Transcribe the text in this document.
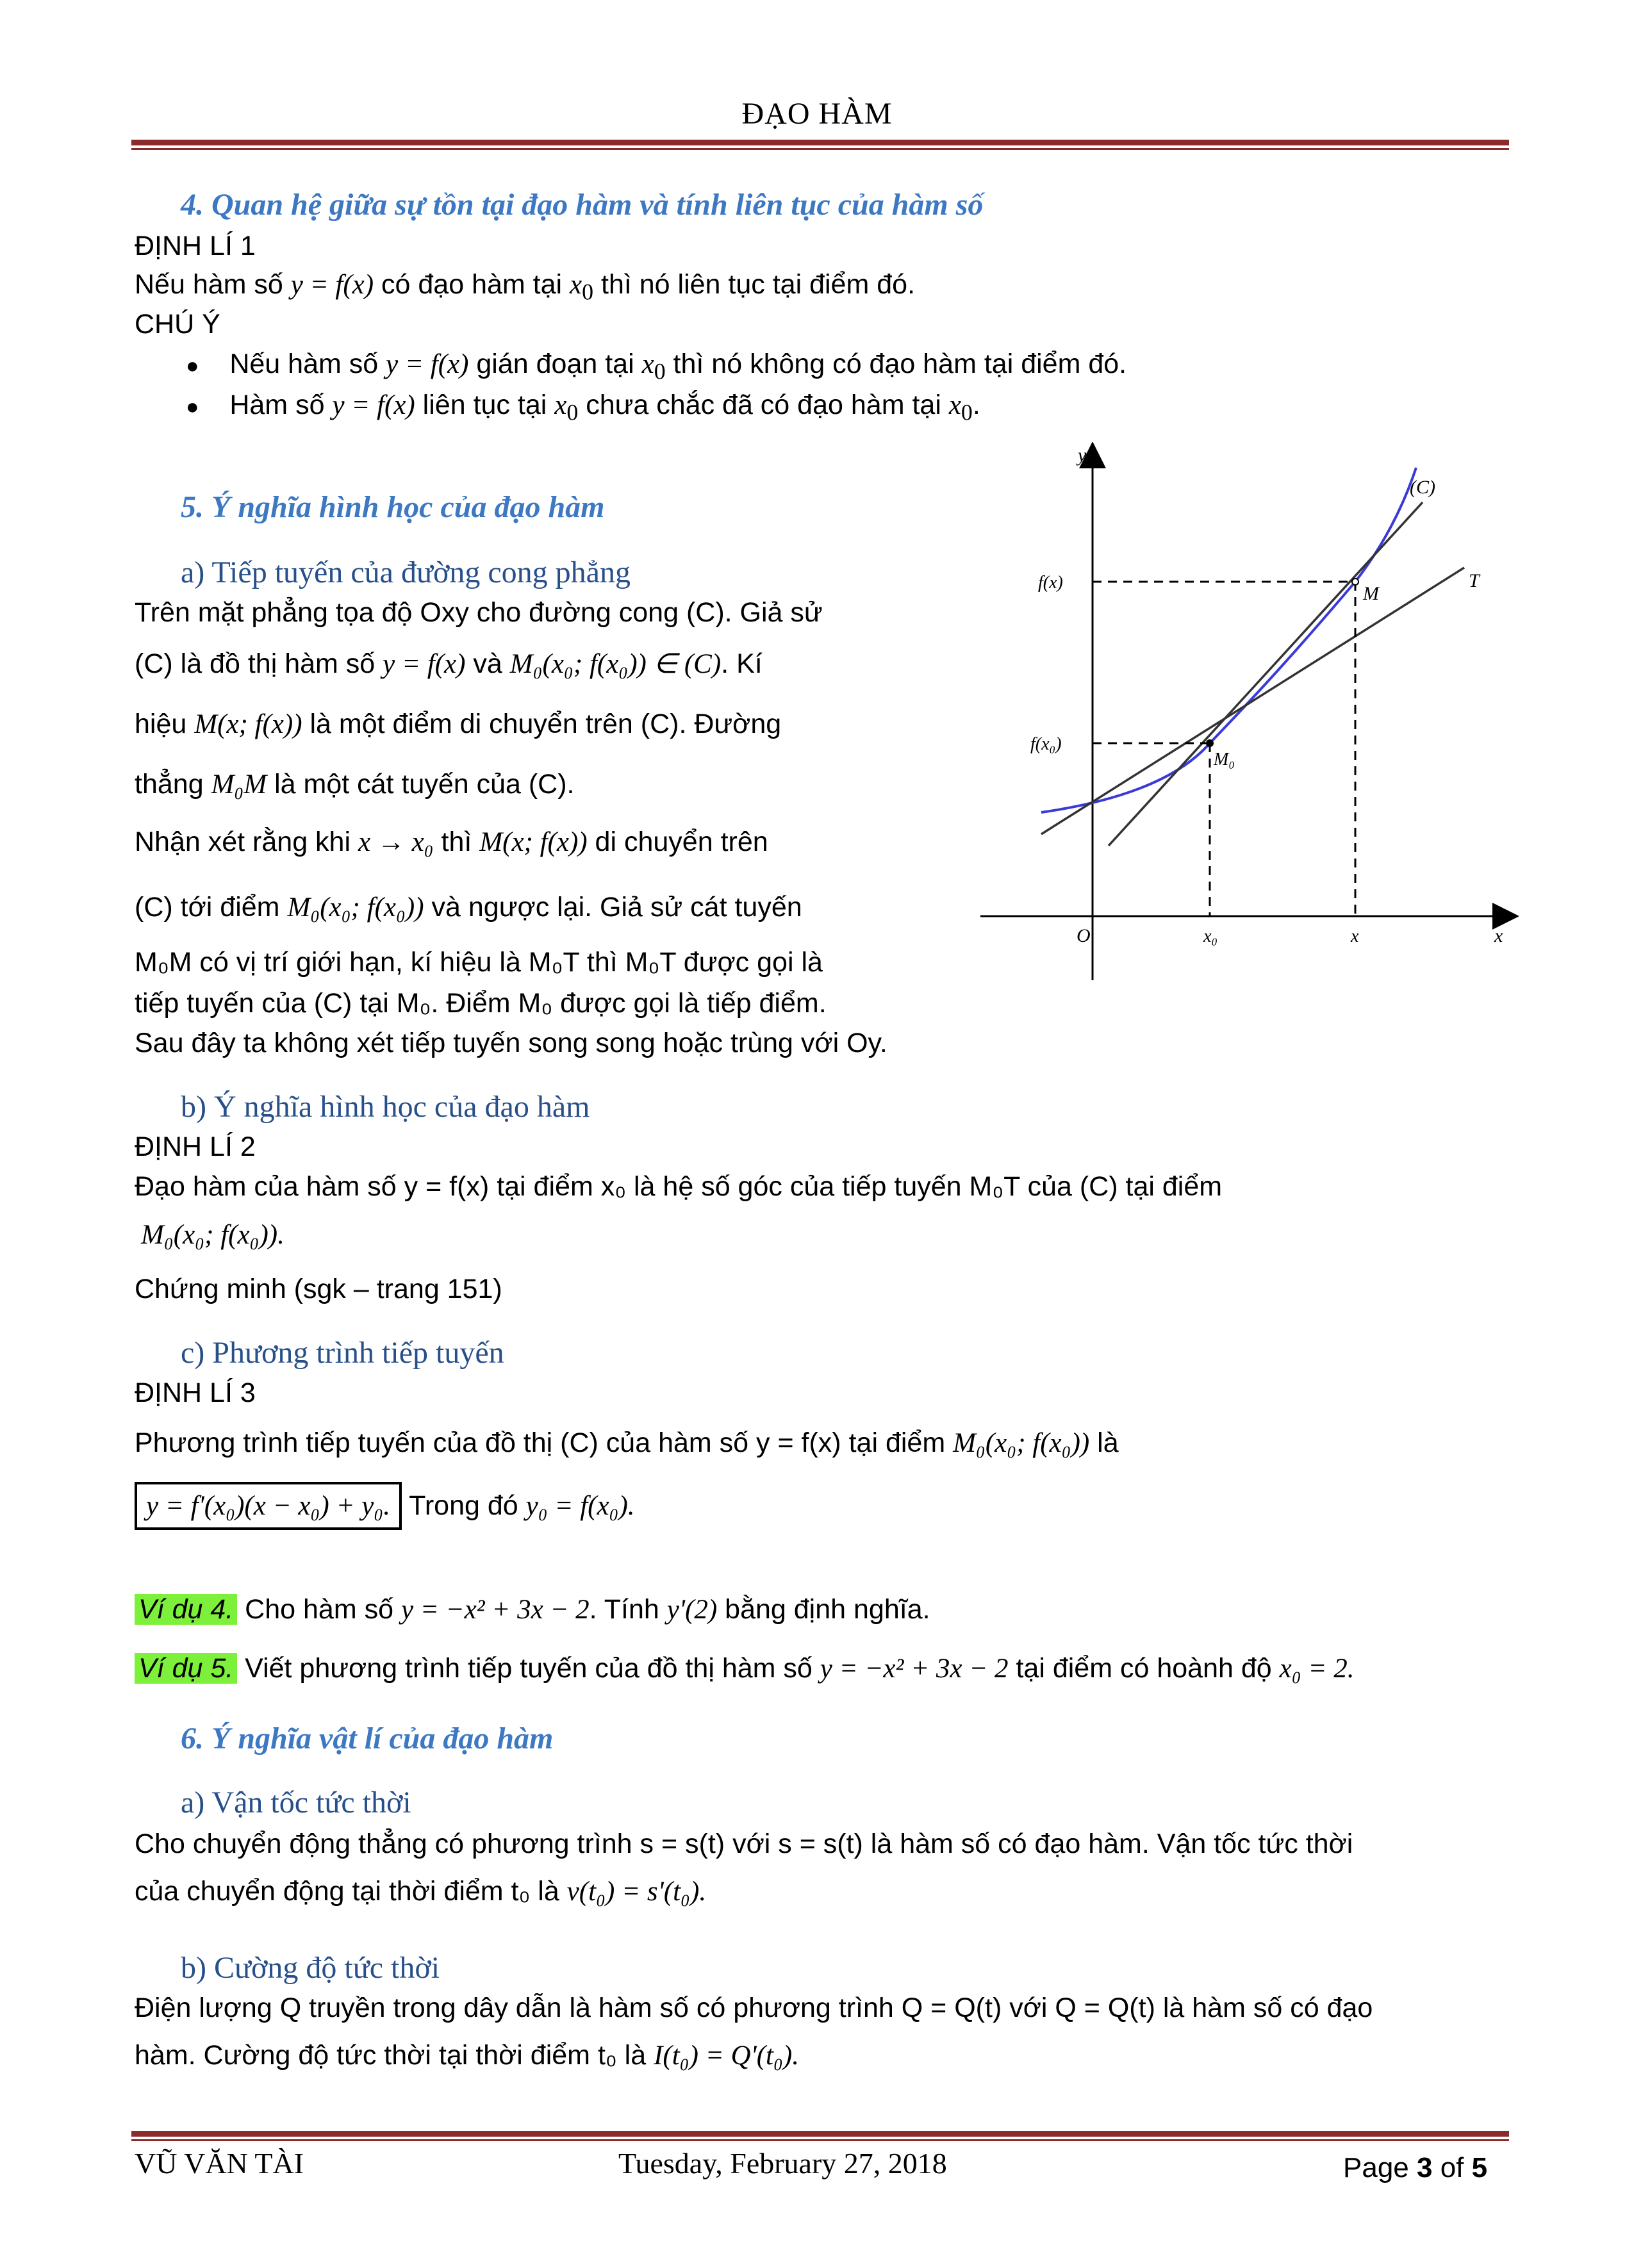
ĐẠO HÀM
4. Quan hệ giữa sự tồn tại đạo hàm và tính liên tục của hàm số
ĐỊNH LÍ 1
Nếu hàm số y = f(x) có đạo hàm tại $x_0$ thì nó liên tục tại điểm đó.
CHÚ Ý
● Nếu hàm số y = f(x) gián đoạn tại $x_0$ thì nó không có đạo hàm tại điểm đó.
● Hàm số y = f(x) liên tục tại $x_0$ chưa chắc đã có đạo hàm tại $x_0$.
5. Ý nghĩa hình học của đạo hàm
a) Tiếp tuyến của đường cong phẳng
Trên mặt phẳng tọa độ Oxy cho đường cong (C). Giả sử
(C) là đồ thị hàm số y = f(x) và M₀(x₀; f(x₀)) ∈ (C). Kí
hiệu M(x; f(x)) là một điểm di chuyển trên (C). Đường
thẳng M₀M là một cát tuyến của (C).
Nhận xét rằng khi x → x₀ thì M(x; f(x)) di chuyển trên
(C) tới điểm M₀(x₀; f(x₀)) và ngược lại. Giả sử cát tuyến
M₀M có vị trí giới hạn, kí hiệu là M₀T thì M₀T được gọi là
tiếp tuyến của (C) tại M₀. Điểm M₀ được gọi là tiếp điểm.
Sau đây ta không xét tiếp tuyến song song hoặc trùng với Oy.
y
x
O
(C)
T
f(x)
f(x₀)
M
M₀
x₀	x
b) Ý nghĩa hình học của đạo hàm
ĐỊNH LÍ 2
Đạo hàm của hàm số y = f(x) tại điểm x₀ là hệ số góc của tiếp tuyến M₀T của (C) tại điểm
M₀(x₀; f(x₀)).
Chứng minh (sgk – trang 151)
c) Phương trình tiếp tuyến
ĐỊNH LÍ 3
Phương trình tiếp tuyến của đồ thị (C) của hàm số y = f(x) tại điểm M₀(x₀; f(x₀)) là
y = f'(x₀)(x − x₀) + y₀. Trong đó y₀ = f(x₀).
Ví dụ 4. Cho hàm số y = −x² + 3x − 2. Tính y'(2) bằng định nghĩa.
Ví dụ 5. Viết phương trình tiếp tuyến của đồ thị hàm số y = −x² + 3x − 2 tại điểm có hoành độ x₀ = 2.
6. Ý nghĩa vật lí của đạo hàm
a) Vận tốc tức thời
Cho chuyển động thẳng có phương trình s = s(t) với s = s(t) là hàm số có đạo hàm. Vận tốc tức thời
của chuyển động tại thời điểm t₀ là v(t₀) = s'(t₀).
b) Cường độ tức thời
Điện lượng Q truyền trong dây dẫn là hàm số có phương trình Q = Q(t) với Q = Q(t) là hàm số có đạo
hàm. Cường độ tức thời tại thời điểm t₀ là I(t₀) = Q'(t₀).
VŨ VĂN TÀI	Tuesday, February 27, 2018	Page 3 of 5
